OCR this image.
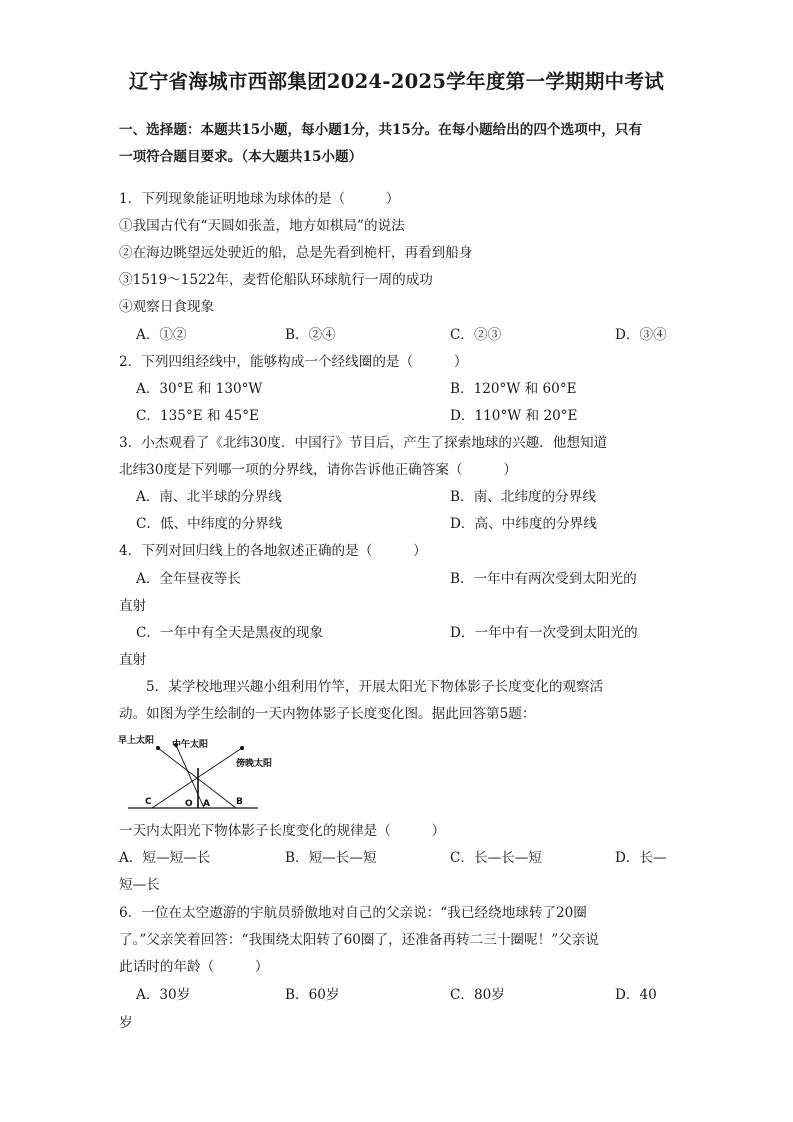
辽宁省海城市西部集团2024-2025学年度第一学期期中考试
一、选择题：本题共15小题，每小题1分，共15分。在每小题给出的四个选项中，只有
一项符合题目要求。（本大题共15小题）
1．下列现象能证明地球为球体的是（　　　）
①我国古代有“天圆如张盖，地方如棋局”的说法
②在海边眺望远处驶近的船，总是先看到桅杆，再看到船身
③1519～1522年，麦哲伦船队环球航行一周的成功
④观察日食现象
A．①②	B．②④	C．②③	D．③④
2．下列四组经线中，能够构成一个经线圈的是（　　　）
A．30°E 和 130°W	B．120°W 和 60°E
C．135°E 和 45°E	D．110°W 和 20°E
3．小杰观看了《北纬30度．中国行》节目后，产生了探索地球的兴趣．他想知道
北纬30度是下列哪一项的分界线，请你告诉他正确答案（　　　）
A．南、北半球的分界线	B．南、北纬度的分界线
C．低、中纬度的分界线	D．高、中纬度的分界线
4．下列对回归线上的各地叙述正确的是（　　　）
A．全年昼夜等长	B．一年中有两次受到太阳光的
直射
C．一年中有全天是黑夜的现象	D．一年中有一次受到太阳光的
直射
5．某学校地理兴趣小组利用竹竿，开展太阳光下物体影子长度变化的观察活
动。如图为学生绘制的一天内物体影子长度变化图。据此回答第5题：
早上太阳 中午太阳
傍晚太阳
C	O A	B
一天内太阳光下物体影子长度变化的规律是（　　　）
A．短—短—长	B．短—长—短	C．长—长—短	D．长—
短—长
6．一位在太空遨游的宇航员骄傲地对自己的父亲说：“我已经绕地球转了20圈
了。”父亲笑着回答：“我围绕太阳转了60圈了，还准备再转二三十圈呢！”父亲说
此话时的年龄（　　　）
A．30岁	B．60岁	C．80岁	D．40
岁
